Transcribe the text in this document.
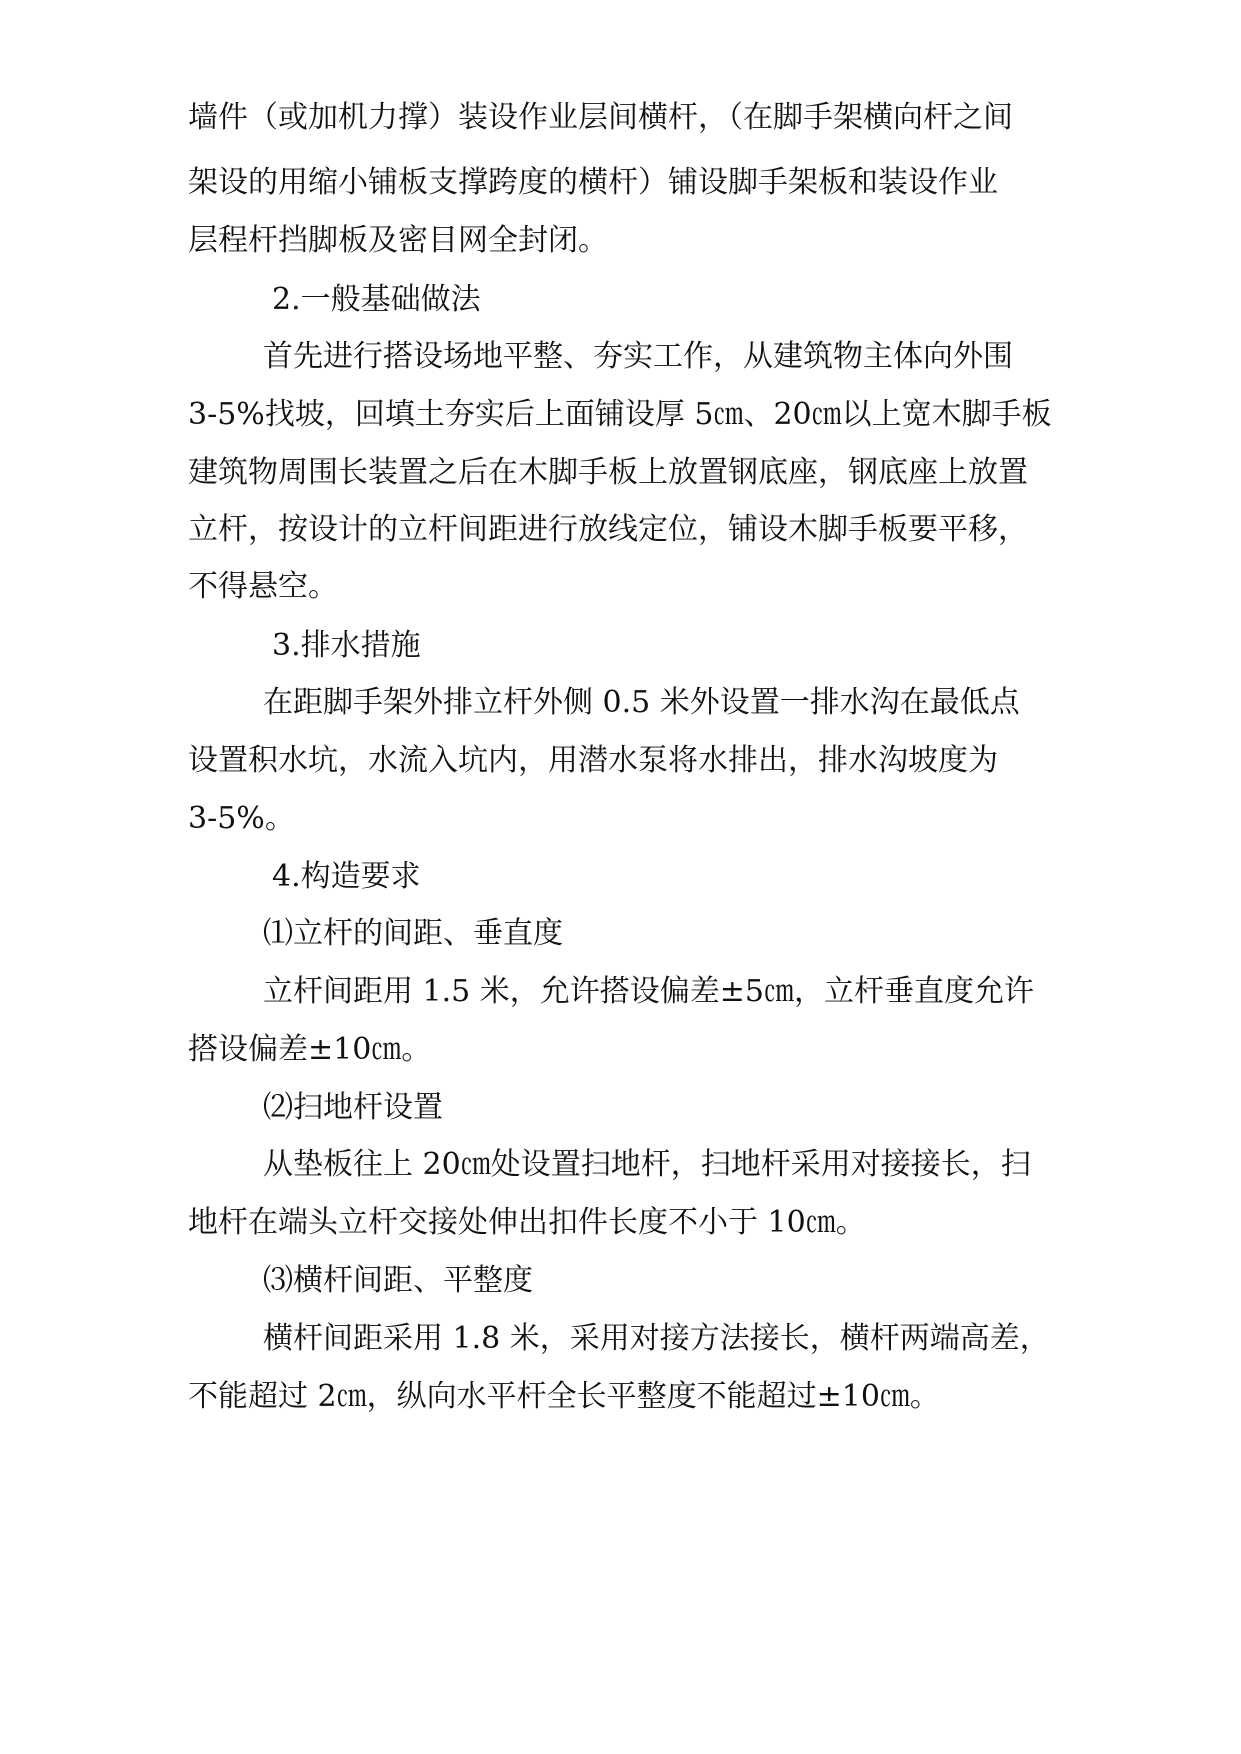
墙件（或加机力撑）装设作业层间横杆，（在脚手架横向杆之间
架设的用缩小铺板支撑跨度的横杆）铺设脚手架板和装设作业
层程杆挡脚板及密目网全封闭。
2.一般基础做法
首先进行搭设场地平整、夯实工作，从建筑物主体向外围
3-5%找坡，回填土夯实后上面铺设厚 5㎝、20㎝以上宽木脚手板
建筑物周围长装置之后在木脚手板上放置钢底座，钢底座上放置
立杆，按设计的立杆间距进行放线定位，铺设木脚手板要平移，
不得悬空。
3.排水措施
在距脚手架外排立杆外侧 0.5 米外设置一排水沟在最低点
设置积水坑，水流入坑内，用潜水泵将水排出，排水沟坡度为
3-5%。
4.构造要求
⑴立杆的间距、垂直度
立杆间距用 1.5 米，允许搭设偏差±5㎝，立杆垂直度允许
搭设偏差±10㎝。
⑵扫地杆设置
从垫板往上 20㎝处设置扫地杆，扫地杆采用对接接长，扫
地杆在端头立杆交接处伸出扣件长度不小于 10㎝。
⑶横杆间距、平整度
横杆间距采用 1.8 米，采用对接方法接长，横杆两端高差，
不能超过 2㎝，纵向水平杆全长平整度不能超过±10㎝。
